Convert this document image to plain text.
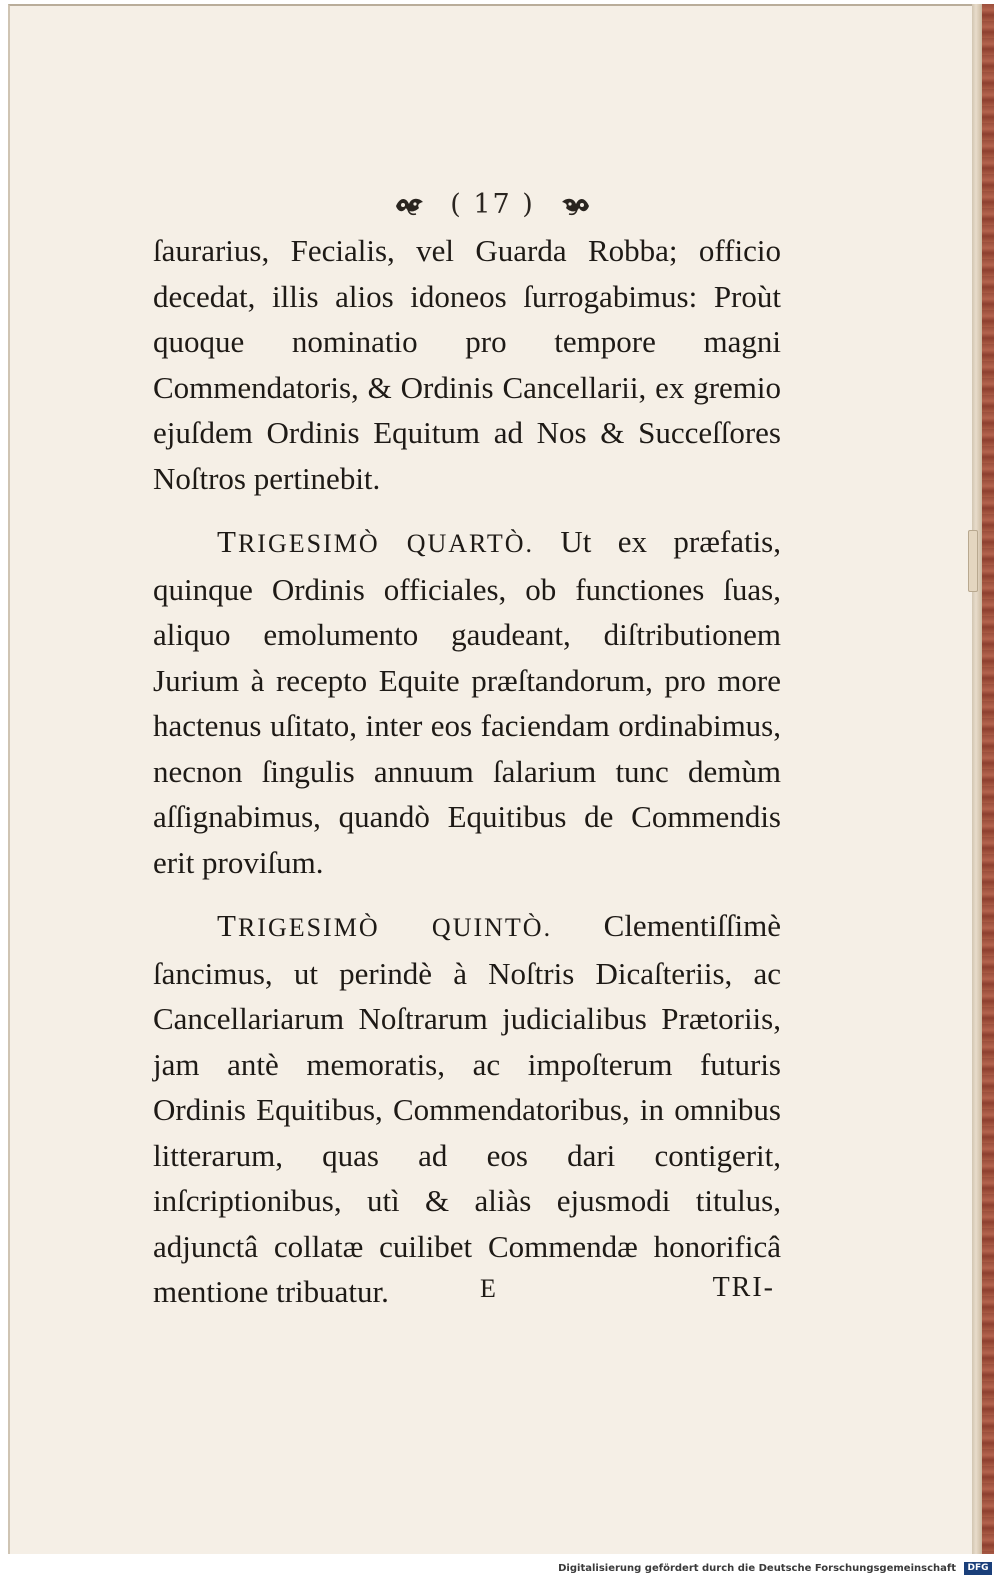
( 17 )

ſaurarius, Fecialis, vel Guarda Robba; officio decedat, illis alios idoneos ſurrogabimus: Proùt quoque nominatio pro tempore magni Commendatoris, & Ordinis Cancellarii, ex gremio ejuſdem Ordinis Equitum ad Nos & Succeſſores Noſtros pertinebit.

TRIGESIMÒ QUARTÒ. Ut ex præfatis, quinque Ordinis officiales, ob functiones ſuas, aliquo emolumento gaudeant, diſtributionem Jurium à recepto Equite præſtandorum, pro more hactenus uſitato, inter eos faciendam ordinabimus, necnon ſingulis annuum ſalarium tunc demùm aſſignabimus, quandò Equitibus de Commendis erit proviſum.

TRIGESIMÒ QUINTÒ. Clementiſſimè ſancimus, ut perindè à Noſtris Dicaſteriis, ac Cancellariarum Noſtrarum judicialibus Prætoriis, jam antè memoratis, ac impoſterum futuris Ordinis Equitibus, Commendatoribus, in omnibus litterarum, quas ad eos dari contigerit, inſcriptionibus, utì & aliàs ejusmodi titulus, adjunctâ collatæ cuilibet Commendæ honorificâ mentione tribuatur.	E	TRI-
Digitalisierung gefördert durch die Deutsche Forschungsgemeinschaft	DFG
